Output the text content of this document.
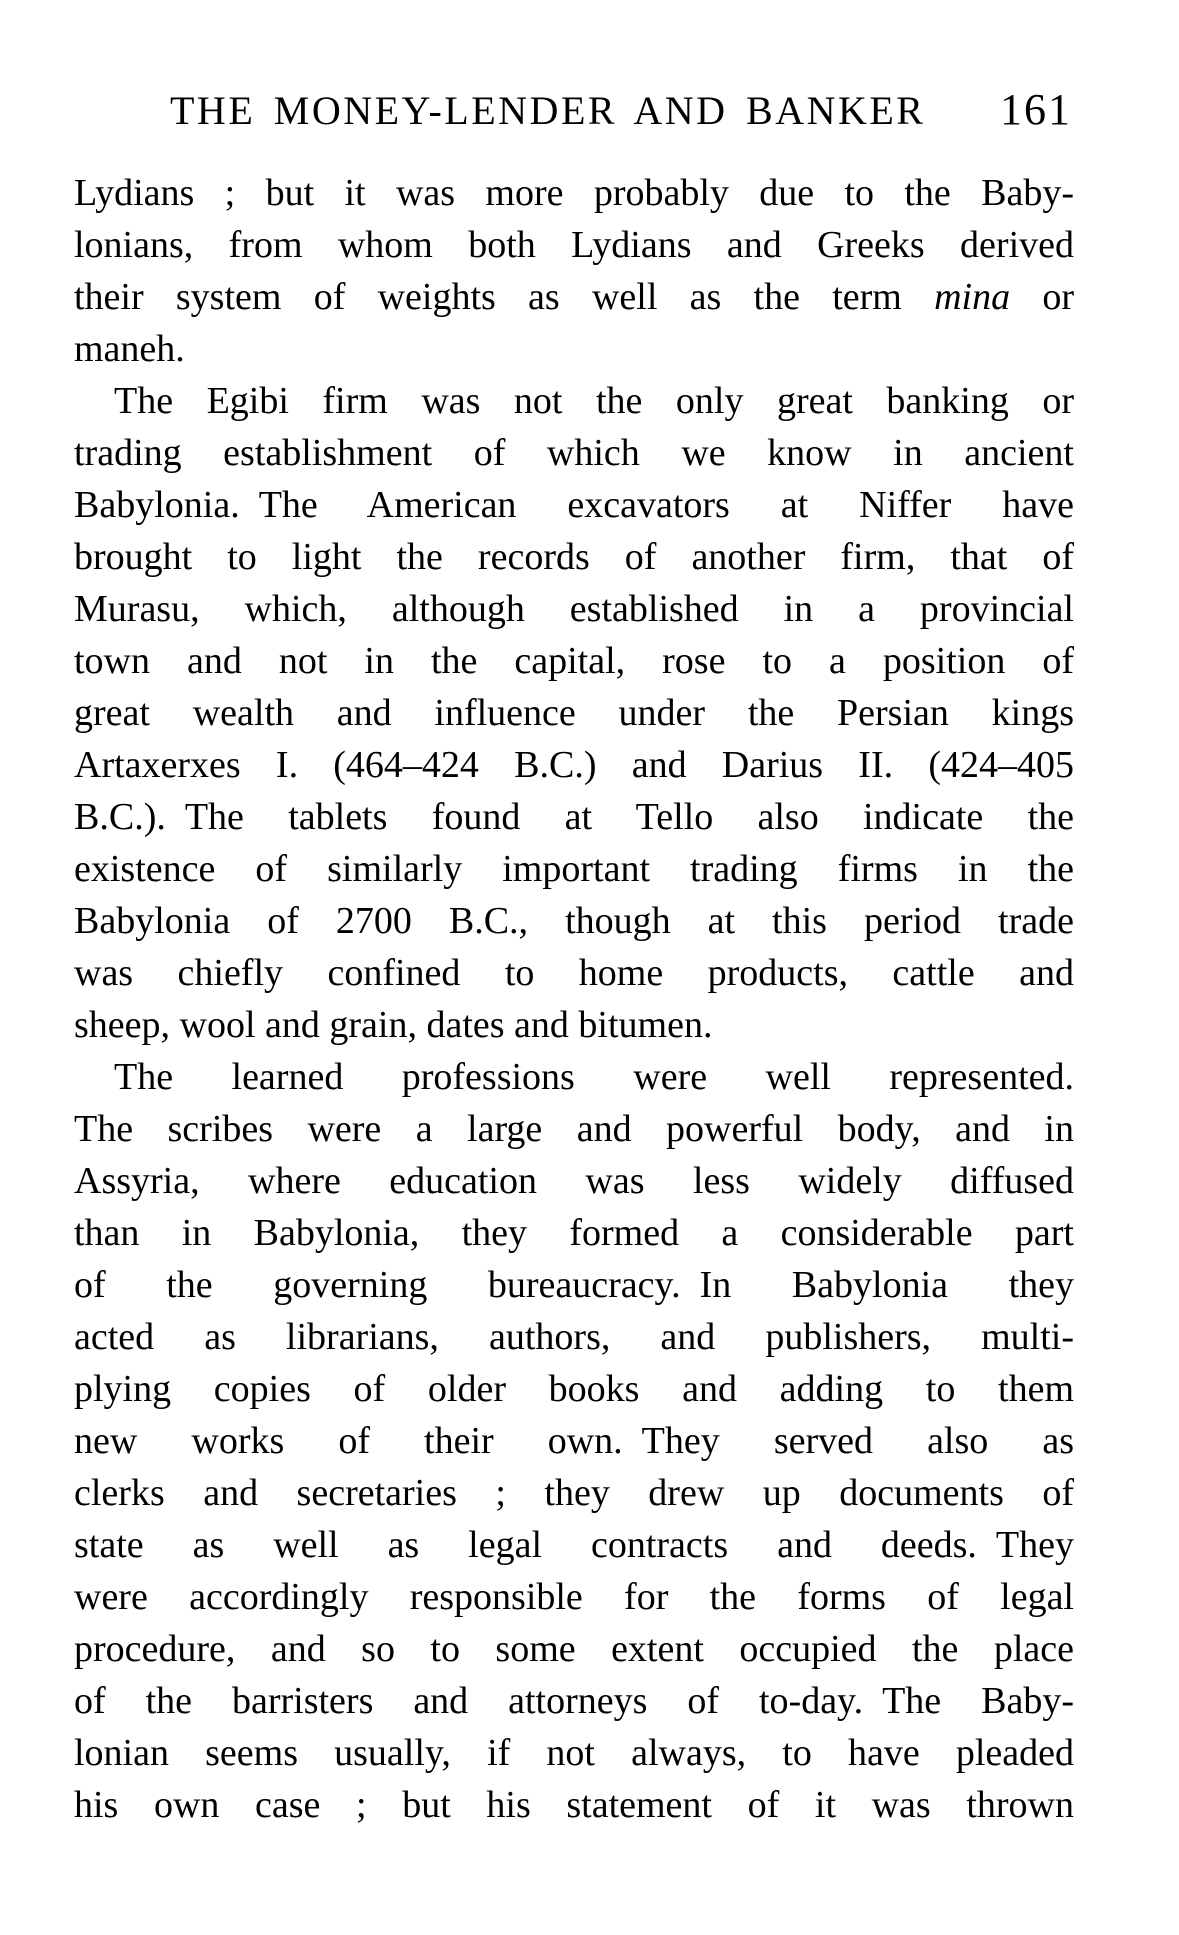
THE MONEY-LENDER AND BANKER 161
Lydians ; but it was more probably due to the Baby-
lonians, from whom both Lydians and Greeks derived
their system of weights as well as the term mina or
maneh.
The Egibi firm was not the only great banking or
trading establishment of which we know in ancient
Babylonia. The American excavators at Niffer have
brought to light the records of another firm, that of
Murasu, which, although established in a provincial
town and not in the capital, rose to a position of
great wealth and influence under the Persian kings
Artaxerxes I. (464–424 B.C.) and Darius II. (424–405
B.C.). The tablets found at Tello also indicate the
existence of similarly important trading firms in the
Babylonia of 2700 B.C., though at this period trade
was chiefly confined to home products, cattle and
sheep, wool and grain, dates and bitumen.
The learned professions were well represented.
The scribes were a large and powerful body, and in
Assyria, where education was less widely diffused
than in Babylonia, they formed a considerable part
of the governing bureaucracy. In Babylonia they
acted as librarians, authors, and publishers, multi-
plying copies of older books and adding to them
new works of their own. They served also as
clerks and secretaries ; they drew up documents of
state as well as legal contracts and deeds. They
were accordingly responsible for the forms of legal
procedure, and so to some extent occupied the place
of the barristers and attorneys of to-day. The Baby-
lonian seems usually, if not always, to have pleaded
his own case ; but his statement of it was thrown
